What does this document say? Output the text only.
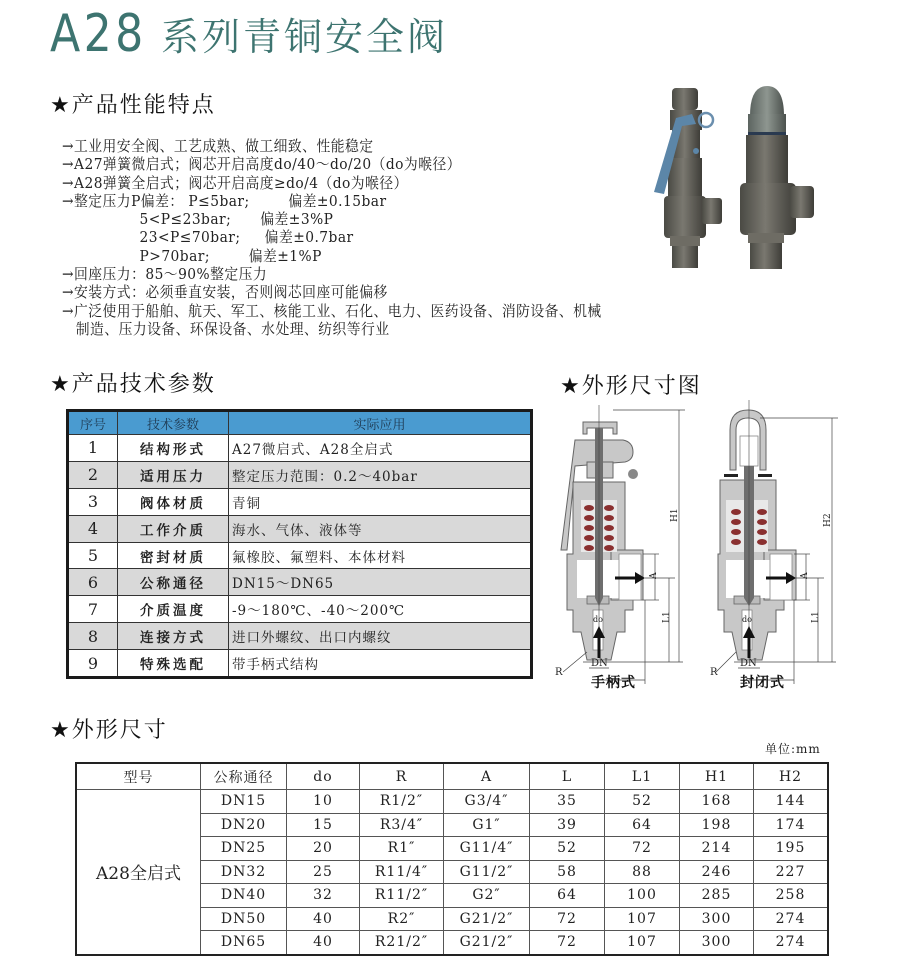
A28 系列青铜安全阀
★产品性能特点
→工业用安全阀、工艺成熟、做工细致、性能稳定
→A27弹簧微启式；阀芯开启高度do/40～do/20（do为喉径）
→A28弹簧全启式；阀芯开启高度≥do/4（do为喉径）
→整定压力P偏差： P≤5bar;        偏差±0.15bar
5<P≤23bar;      偏差±3%P
23<P≤70bar;     偏差±0.7bar
P>70bar;        偏差±1%P
→回座压力：85～90%整定压力
→安装方式：必须垂直安装，否则阀芯回座可能偏移
→广泛使用于船舶、航天、军工、核能工业、石化、电力、医药设备、消防设备、机械
制造、压力设备、环保设备、水处理、纺织等行业
★产品技术参数	★外形尺寸图
序号	技术参数	实际应用
1	结构形式	A27微启式、A28全启式
2	适用压力	整定压力范围：0.2～40bar
3	阀体材质	青铜
4	工作介质	海水、气体、液体等
5	密封材质	氟橡胶、氟塑料、本体材料
6	公称通径	DN15～DN65
7	介质温度	-9～180℃、-40～200℃
8	连接方式	进口外螺纹、出口内螺纹
9	特殊选配	带手柄式结构
H1
A
L1
do
DN
R
手柄式
H2
A
L1
do
DN
R
封闭式
★外形尺寸
单位:mm
型号	公称通径	do	R	A	L	L1	H1	H2
A28全启式	DN15	10	R1/2″	G3/4″	35	52	168	144
	DN20	15	R3/4″	G1″	39	64	198	174
	DN25	20	R1″	G11/4″	52	72	214	195
	DN32	25	R11/4″	G11/2″	58	88	246	227
	DN40	32	R11/2″	G2″	64	100	285	258
	DN50	40	R2″	G21/2″	72	107	300	274
	DN65	40	R21/2″	G21/2″	72	107	300	274
